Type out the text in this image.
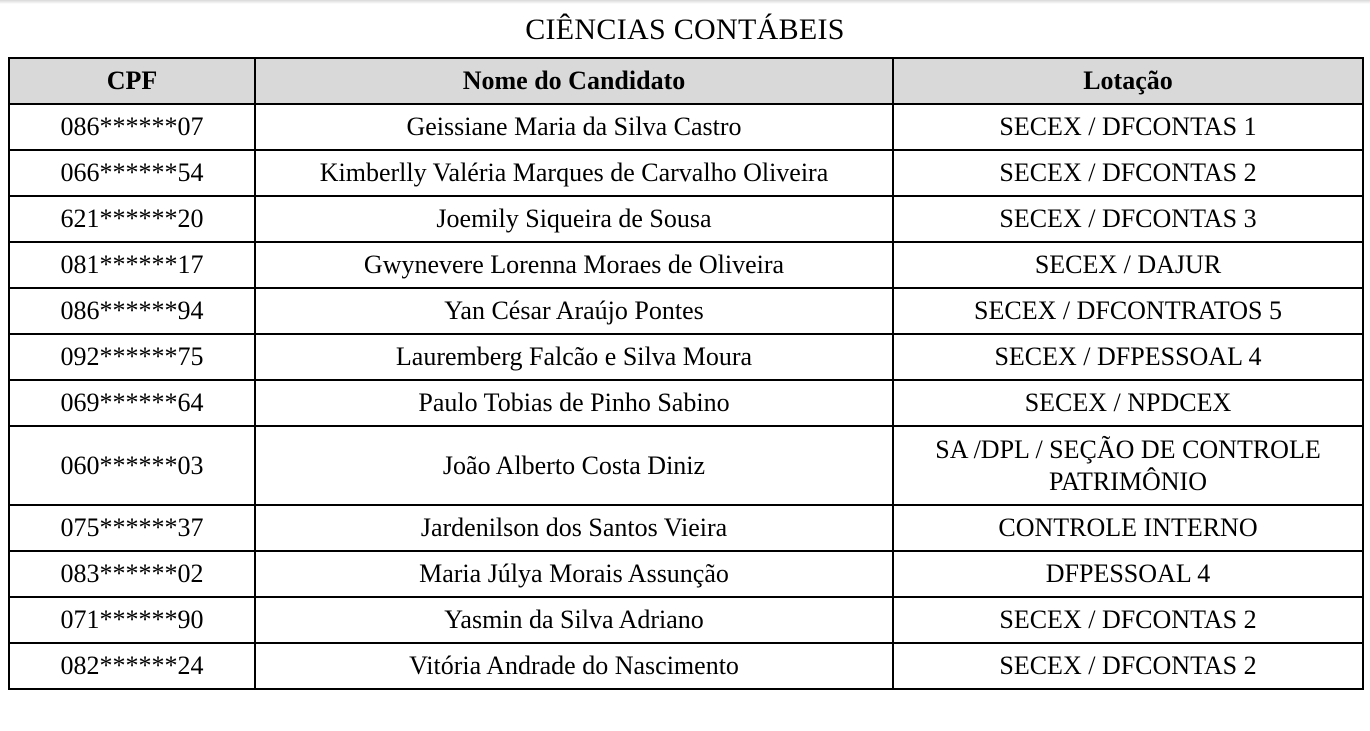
CIÊNCIAS CONTÁBEIS
CPF	Nome do Candidato	Lotação
086******07	Geissiane Maria da Silva Castro	SECEX / DFCONTAS 1
066******54	Kimberlly Valéria Marques de Carvalho Oliveira	SECEX / DFCONTAS 2
621******20	Joemily Siqueira de Sousa	SECEX / DFCONTAS 3
081******17	Gwynevere Lorenna Moraes de Oliveira	SECEX / DAJUR
086******94	Yan César Araújo Pontes	SECEX / DFCONTRATOS 5
092******75	Lauremberg Falcão e Silva Moura	SECEX / DFPESSOAL 4
069******64	Paulo Tobias de Pinho Sabino	SECEX / NPDCEX
060******03	João Alberto Costa Diniz	SA /DPL / SEÇÃO DE CONTROLE PATRIMÔNIO
075******37	Jardenilson dos Santos Vieira	CONTROLE INTERNO
083******02	Maria Júlya Morais Assunção	DFPESSOAL 4
071******90	Yasmin da Silva Adriano	SECEX / DFCONTAS 2
082******24	Vitória Andrade do Nascimento	SECEX / DFCONTAS 2
